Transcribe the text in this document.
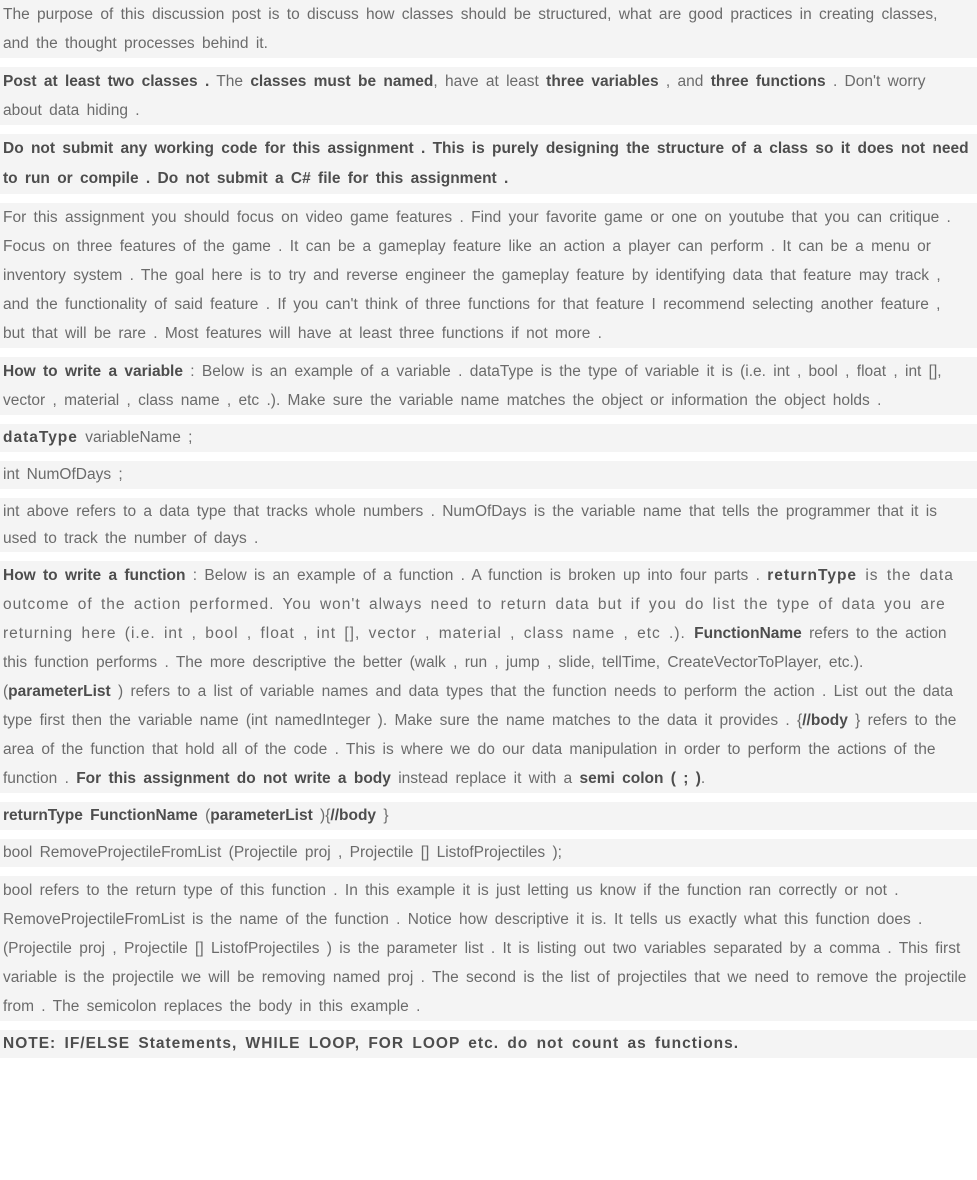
The purpose of this discussion post is to discuss how classes should be structured, what are good practices in creating classes, and the thought processes behind it.

Post at least two classes . The classes must be named, have at least three variables , and three functions . Don't worry about data hiding .

Do not submit any working code for this assignment . This is purely designing the structure of a class so it does not need to run or compile . Do not submit a C# file for this assignment .

For this assignment you should focus on video game features . Find your favorite game or one on youtube that you can critique . Focus on three features of the game . It can be a gameplay feature like an action a player can perform . It can be a menu or inventory system . The goal here is to try and reverse engineer the gameplay feature by identifying data that feature may track , and the functionality of said feature . If you can't think of three functions for that feature I recommend selecting another feature , but that will be rare . Most features will have at least three functions if not more .

How to write a variable : Below is an example of a variable . dataType is the type of variable it is (i.e. int , bool , float , int [], vector , material , class name , etc .). Make sure the variable name matches the object or information the object holds .

dataType variableName ;

int NumOfDays ;

int above refers to a data type that tracks whole numbers . NumOfDays is the variable name that tells the programmer that it is used to track the number of days .

How to write a function : Below is an example of a function . A function is broken up into four parts . returnType is the data outcome of the action performed. You won't always need to return data but if you do list the type of data you are returning here (i.e. int , bool , float , int [], vector , material , class name , etc .). FunctionName refers to the action this function performs . The more descriptive the better (walk , run , jump , slide, tellTime, CreateVectorToPlayer, etc.). (parameterList ) refers to a list of variable names and data types that the function needs to perform the action . List out the data type first then the variable name (int namedInteger ). Make sure the name matches to the data it provides . {//body } refers to the area of the function that hold all of the code . This is where we do our data manipulation in order to perform the actions of the function . For this assignment do not write a body instead replace it with a semi colon ( ; ).

returnType FunctionName (parameterList ){//body }

bool RemoveProjectileFromList (Projectile proj , Projectile [] ListofProjectiles );

bool refers to the return type of this function . In this example it is just letting us know if the function ran correctly or not . RemoveProjectileFromList is the name of the function . Notice how descriptive it is. It tells us exactly what this function does . (Projectile proj , Projectile [] ListofProjectiles ) is the parameter list . It is listing out two variables separated by a comma . This first variable is the projectile we will be removing named proj . The second is the list of projectiles that we need to remove the projectile from . The semicolon replaces the body in this example .

NOTE: IF/ELSE Statements, WHILE LOOP, FOR LOOP etc. do not count as functions.
